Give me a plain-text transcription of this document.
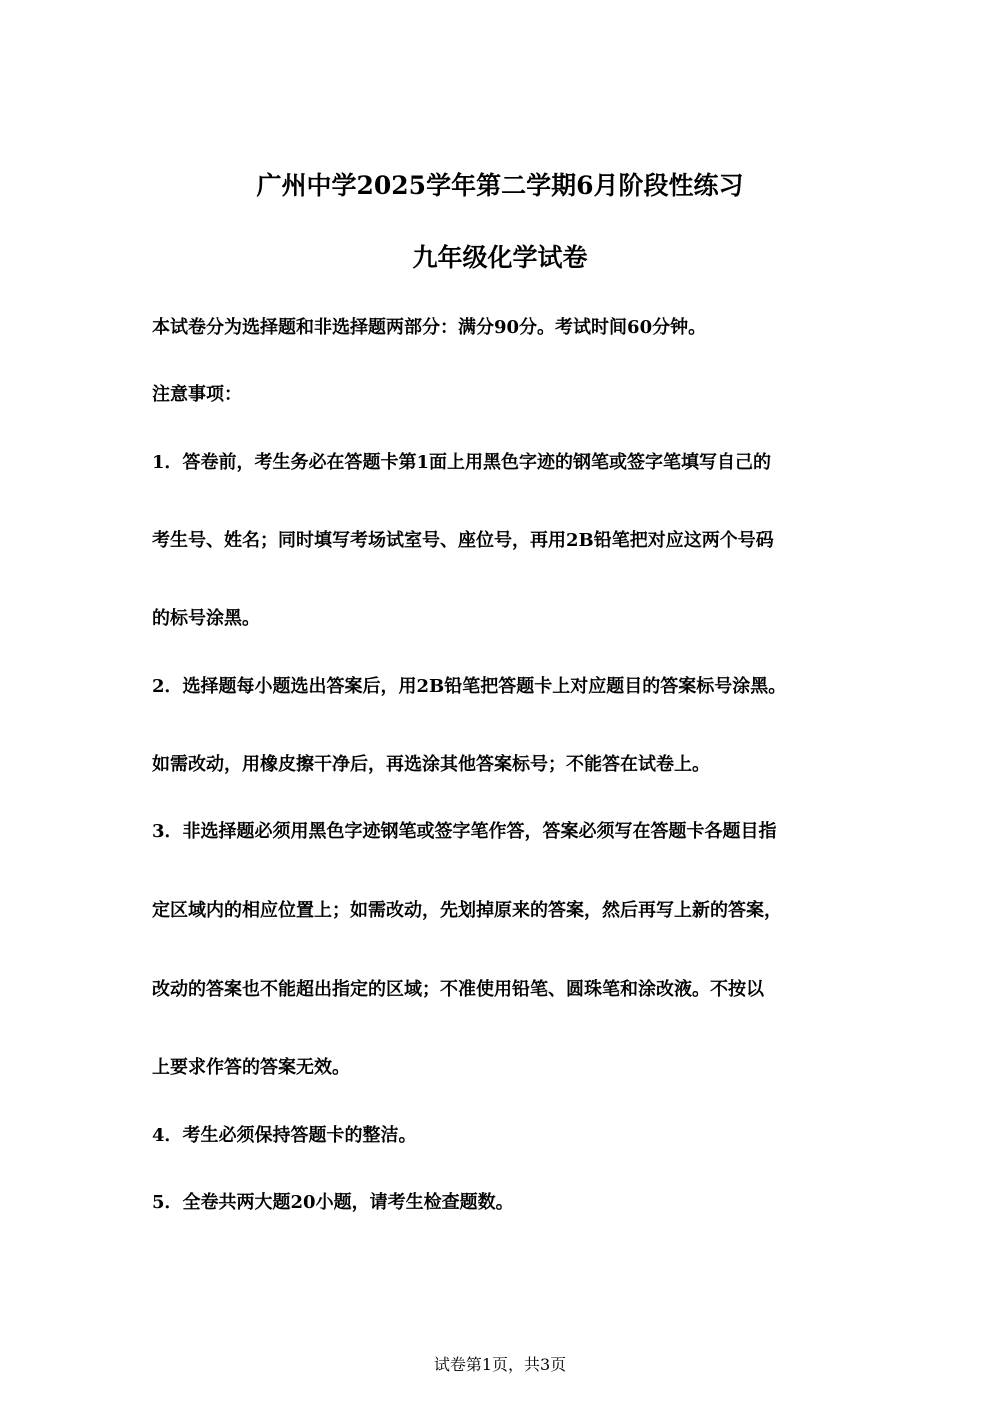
广州中学2025学年第二学期6月阶段性练习
九年级化学试卷
本试卷分为选择题和非选择题两部分：满分90分。考试时间60分钟。
注意事项：
1．答卷前，考生务必在答题卡第1面上用黑色字迹的钢笔或签字笔填写自己的
考生号、姓名；同时填写考场试室号、座位号，再用2B铅笔把对应这两个号码
的标号涂黑。
2．选择题每小题选出答案后，用2B铅笔把答题卡上对应题目的答案标号涂黑。
如需改动，用橡皮擦干净后，再选涂其他答案标号；不能答在试卷上。
3．非选择题必须用黑色字迹钢笔或签字笔作答，答案必须写在答题卡各题目指
定区域内的相应位置上；如需改动，先划掉原来的答案，然后再写上新的答案，
改动的答案也不能超出指定的区域；不准使用铅笔、圆珠笔和涂改液。不按以
上要求作答的答案无效。
4．考生必须保持答题卡的整洁。
5．全卷共两大题20小题，请考生检查题数。
试卷第1页，共3页
